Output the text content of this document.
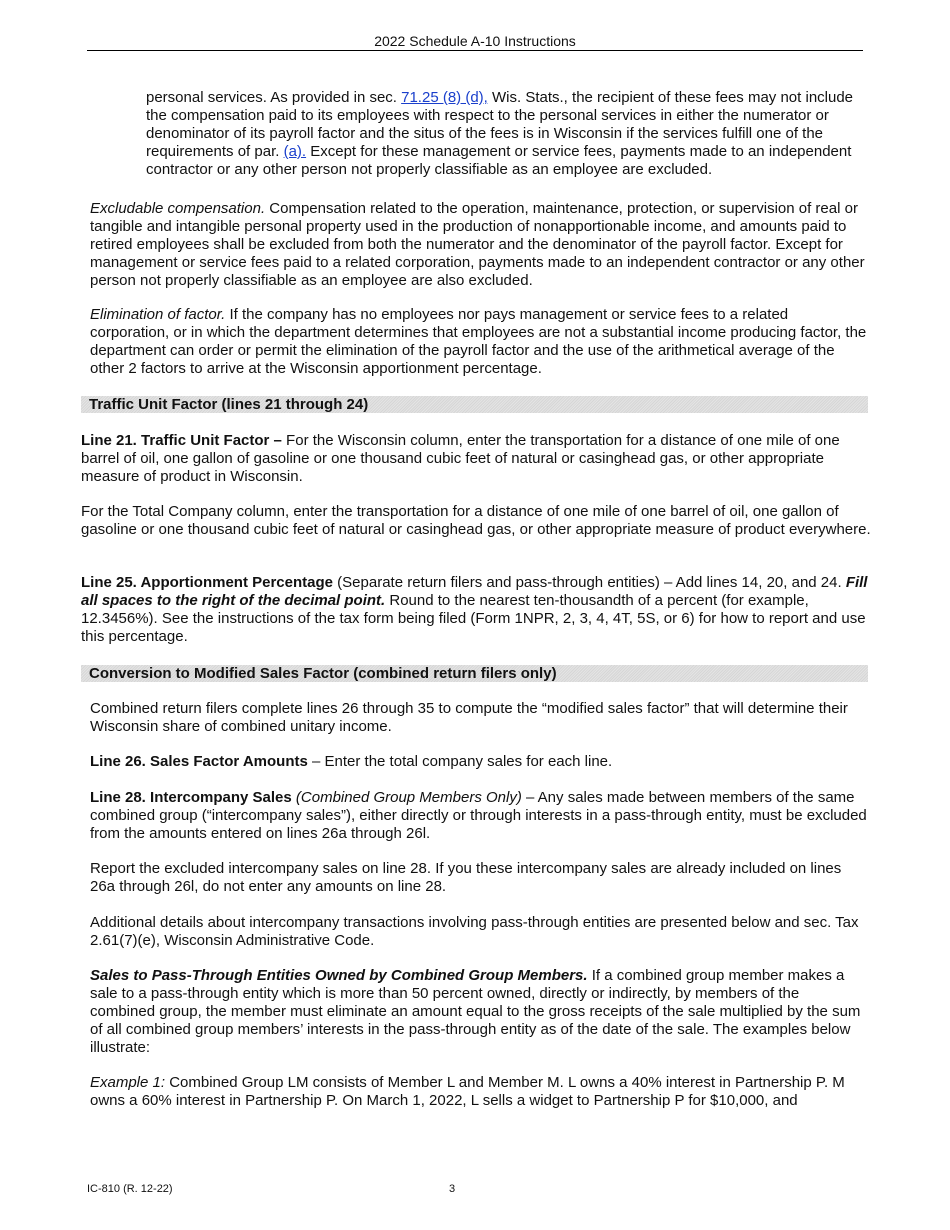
2022 Schedule A-10 Instructions

personal services. As provided in sec. 71.25 (8) (d), Wis. Stats., the recipient of these fees may not include the compensation paid to its employees with respect to the personal services in either the numerator or denominator of its payroll factor and the situs of the fees is in Wisconsin if the services fulfill one of the requirements of par. (a). Except for these management or service fees, payments made to an independent contractor or any other person not properly classifiable as an employee are excluded.

Excludable compensation. Compensation related to the operation, maintenance, protection, or supervision of real or tangible and intangible personal property used in the production of nonapportionable income, and amounts paid to retired employees shall be excluded from both the numerator and the denominator of the payroll factor. Except for management or service fees paid to a related corporation, payments made to an independent contractor or any other person not properly classifiable as an employee are also excluded.

Elimination of factor. If the company has no employees nor pays management or service fees to a related corporation, or in which the department determines that employees are not a substantial income producing factor, the department can order or permit the elimination of the payroll factor and the use of the arithmetical average of the other 2 factors to arrive at the Wisconsin apportionment percentage.

Traffic Unit Factor (lines 21 through 24)

Line 21. Traffic Unit Factor – For the Wisconsin column, enter the transportation for a distance of one mile of one barrel of oil, one gallon of gasoline or one thousand cubic feet of natural or casinghead gas, or other appropriate measure of product in Wisconsin.

For the Total Company column, enter the transportation for a distance of one mile of one barrel of oil, one gallon of gasoline or one thousand cubic feet of natural or casinghead gas, or other appropriate measure of product everywhere.

Line 25. Apportionment Percentage (Separate return filers and pass-through entities) – Add lines 14, 20, and 24. Fill all spaces to the right of the decimal point. Round to the nearest ten-thousandth of a percent (for example, 12.3456%). See the instructions of the tax form being filed (Form 1NPR, 2, 3, 4, 4T, 5S, or 6) for how to report and use this percentage.

Conversion to Modified Sales Factor (combined return filers only)

Combined return filers complete lines 26 through 35 to compute the “modified sales factor” that will determine their Wisconsin share of combined unitary income.

Line 26. Sales Factor Amounts – Enter the total company sales for each line.

Line 28. Intercompany Sales (Combined Group Members Only) – Any sales made between members of the same combined group (“intercompany sales”), either directly or through interests in a pass-through entity, must be excluded from the amounts entered on lines 26a through 26l.

Report the excluded intercompany sales on line 28. If you these intercompany sales are already included on lines 26a through 26l, do not enter any amounts on line 28.

Additional details about intercompany transactions involving pass-through entities are presented below and sec. Tax 2.61(7)(e), Wisconsin Administrative Code.

Sales to Pass-Through Entities Owned by Combined Group Members. If a combined group member makes a sale to a pass-through entity which is more than 50 percent owned, directly or indirectly, by members of the combined group, the member must eliminate an amount equal to the gross receipts of the sale multiplied by the sum of all combined group members’ interests in the pass-through entity as of the date of the sale. The examples below illustrate:

Example 1: Combined Group LM consists of Member L and Member M. L owns a 40% interest in Partnership P. M owns a 60% interest in Partnership P. On March 1, 2022, L sells a widget to Partnership P for $10,000, and

IC-810 (R. 12-22)	3
